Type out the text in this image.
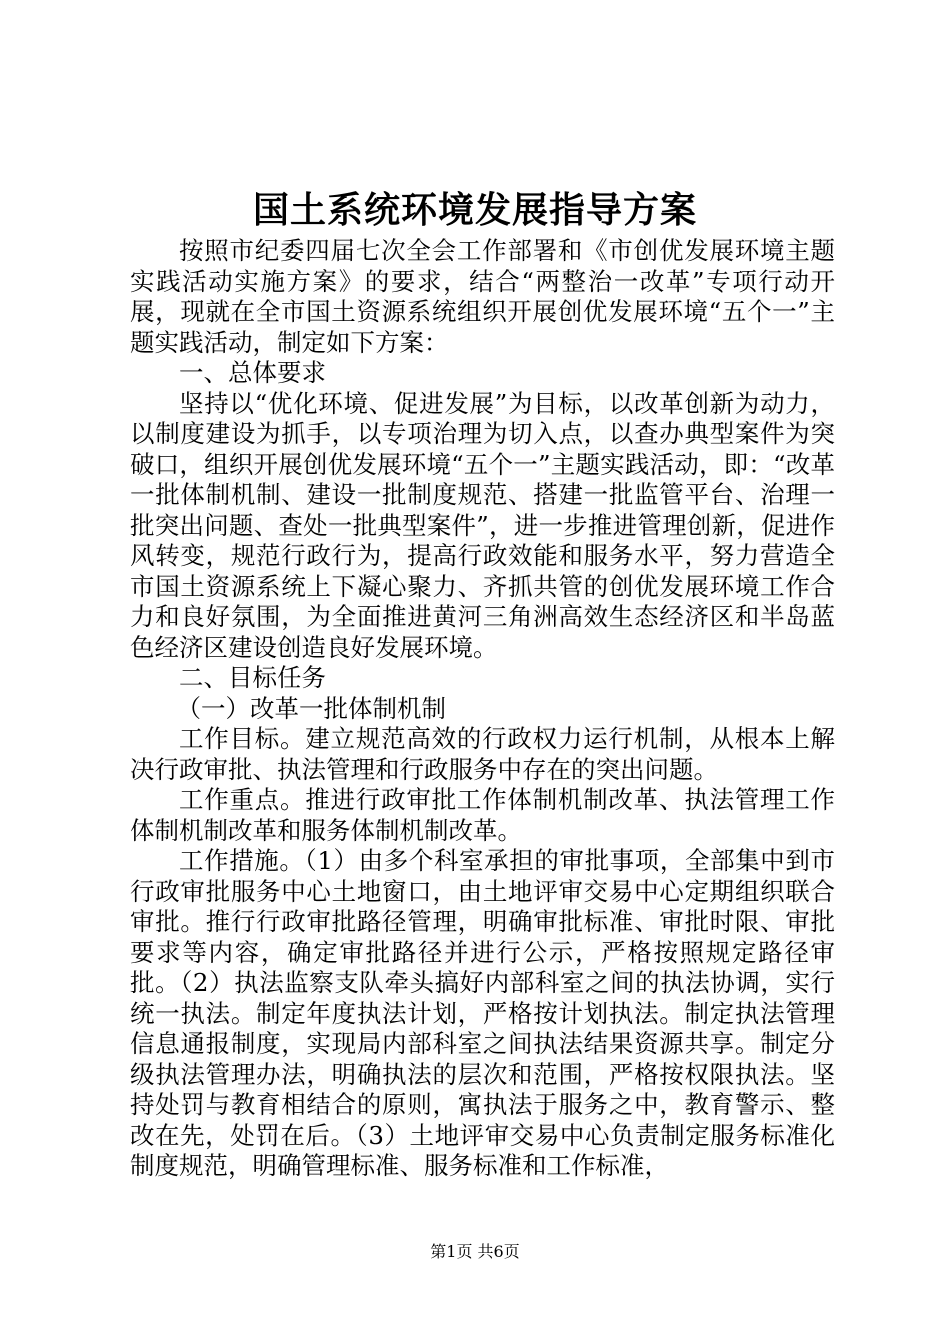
国土系统环境发展指导方案

按照市纪委四届七次全会工作部署和《市创优发展环境主题实践活动实施方案》的要求，结合“两整治一改革”专项行动开展，现就在全市国土资源系统组织开展创优发展环境“五个一”主题实践活动，制定如下方案：

一、总体要求

坚持以“优化环境、促进发展”为目标，以改革创新为动力，以制度建设为抓手，以专项治理为切入点，以查办典型案件为突破口，组织开展创优发展环境“五个一”主题实践活动，即：“改革一批体制机制、建设一批制度规范、搭建一批监管平台、治理一批突出问题、查处一批典型案件”，进一步推进管理创新，促进作风转变，规范行政行为，提高行政效能和服务水平，努力营造全市国土资源系统上下凝心聚力、齐抓共管的创优发展环境工作合力和良好氛围，为全面推进黄河三角洲高效生态经济区和半岛蓝色经济区建设创造良好发展环境。

二、目标任务

（一）改革一批体制机制

工作目标。建立规范高效的行政权力运行机制，从根本上解决行政审批、执法管理和行政服务中存在的突出问题。

工作重点。推进行政审批工作体制机制改革、执法管理工作体制机制改革和服务体制机制改革。

工作措施。（1）由多个科室承担的审批事项，全部集中到市行政审批服务中心土地窗口，由土地评审交易中心定期组织联合审批。推行行政审批路径管理，明确审批标准、审批时限、审批要求等内容，确定审批路径并进行公示，严格按照规定路径审批。（2）执法监察支队牵头搞好内部科室之间的执法协调，实行统一执法。制定年度执法计划，严格按计划执法。制定执法管理信息通报制度，实现局内部科室之间执法结果资源共享。制定分级执法管理办法，明确执法的层次和范围，严格按权限执法。坚持处罚与教育相结合的原则，寓执法于服务之中，教育警示、整改在先，处罚在后。（3）土地评审交易中心负责制定服务标准化制度规范，明确管理标准、服务标准和工作标准，

第1页 共6页
